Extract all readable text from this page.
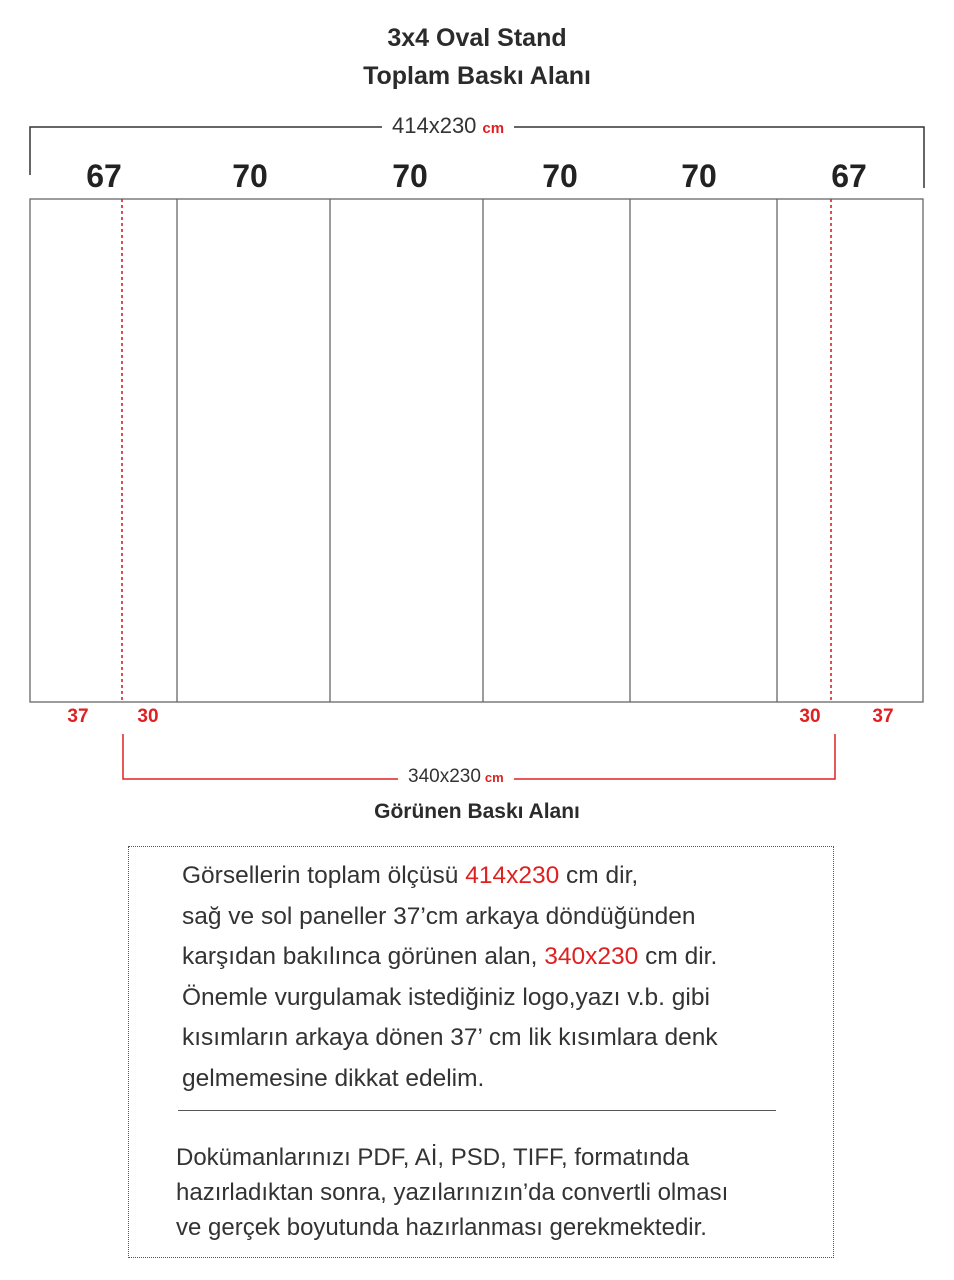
3x4 Oval Stand
Toplam Baskı Alanı
414x230 cm
67	70	70	70	70	67
37	30	30	37
340x230 cm
Görünen Baskı Alanı
Görsellerin toplam ölçüsü 414x230 cm dir,
sağ ve sol paneller 37’cm arkaya döndüğünden
karşıdan bakılınca görünen alan, 340x230 cm dir.
Önemle vurgulamak istediğiniz logo,yazı v.b. gibi
kısımların arkaya dönen 37’ cm lik kısımlara denk
gelmemesine dikkat edelim.
Dokümanlarınızı PDF, Aİ, PSD, TIFF, formatında
hazırladıktan sonra, yazılarınızın’da convertli olması
ve gerçek boyutunda hazırlanması gerekmektedir.
